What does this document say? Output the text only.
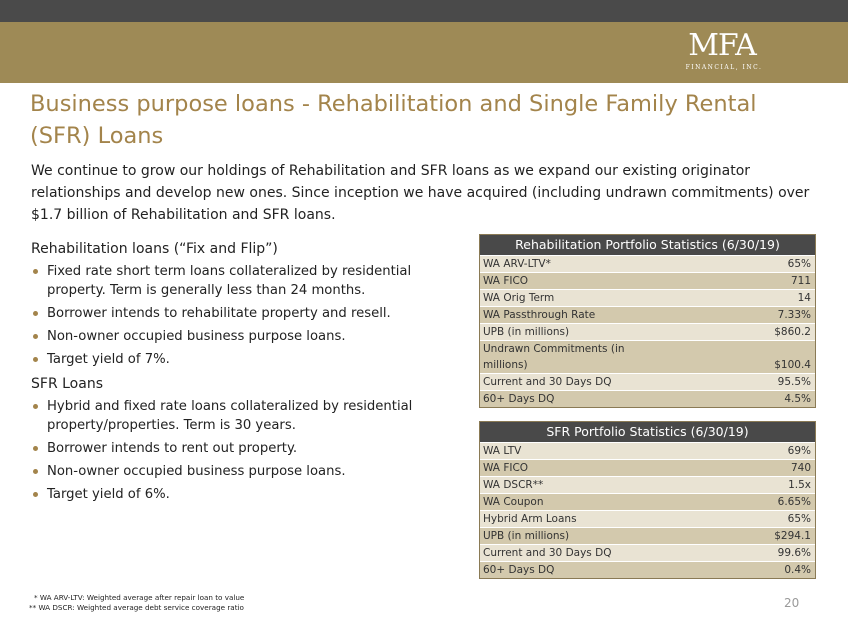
MFA
FINANCIAL, INC.
Business purpose loans - Rehabilitation and Single Family Rental (SFR) Loans
We continue to grow our holdings of Rehabilitation and SFR loans as we expand our existing originator relationships and develop new ones. Since inception we have acquired (including undrawn commitments) over $1.7 billion of Rehabilitation and SFR loans.

Rehabilitation loans (“Fix and Flip”)

Fixed rate short term loans collateralized by residential property. Term is generally less than 24 months.
Borrower intends to rehabilitate property and resell.
Non-owner occupied business purpose loans.
Target yield of 7%.

SFR Loans

Hybrid and fixed rate loans collateralized by residential property/properties. Term is 30 years.
Borrower intends to rent out property.
Non-owner occupied business purpose loans.
Target yield of 6%.
Rehabilitation Portfolio Statistics (6/30/19)
WA ARV-LTV*	65%
WA FICO	711
WA Orig Term	14
WA Passthrough Rate	7.33%
UPB (in millions)	$860.2
Undrawn Commitments (in millions)	$100.4
Current and 30 Days DQ	95.5%
60+ Days DQ	4.5%
SFR Portfolio Statistics (6/30/19)
WA LTV	69%
WA FICO	740
WA DSCR**	1.5x
WA Coupon	6.65%
Hybrid Arm Loans	65%
UPB (in millions)	$294.1
Current and 30 Days DQ	99.6%
60+ Days DQ	0.4%
* WA ARV-LTV: Weighted average after repair loan to value
** WA DSCR: Weighted average debt service coverage ratio	20
